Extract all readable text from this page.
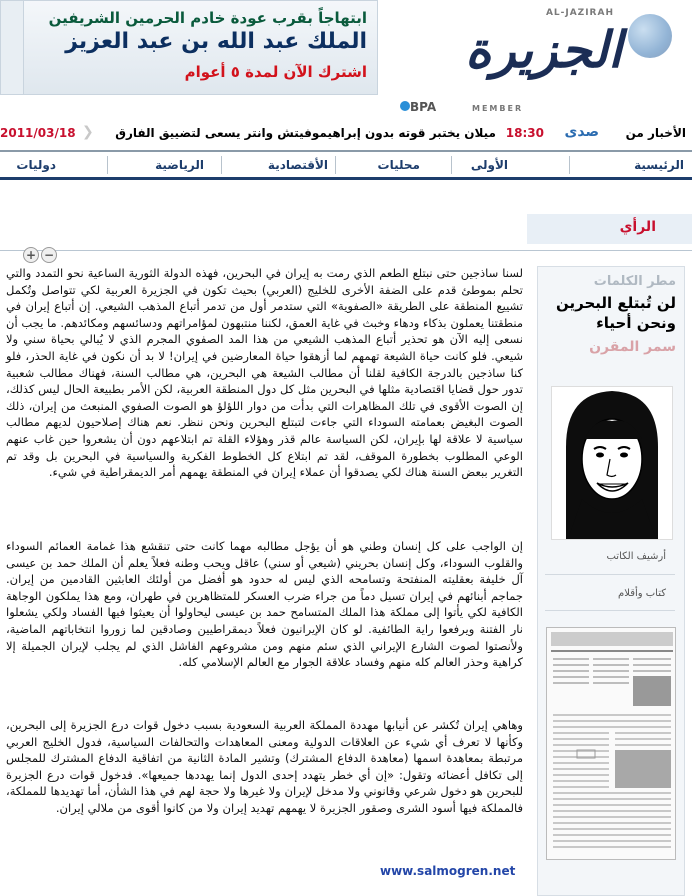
ابتهاجاً بقرب عودة خادم الحرمين الشريفين
الملك عبد الله بن عبد العزيز
اشترك الآن لمدة ٥ أعوام
AL-JAZIRAH
الجزيرة
BPA	MEMBER
الأخبار من
صدى
18:30
ميلان يختبر قوته بدون إبراهيموفيتش وانتر يسعى لتضييق الفارق
❮
2011/03/18
الرئيسية
الأولى
محليات
الأقتصادية
الرياضية
دوليات
الرأي
مطر الكلمات
لن تُبتلع البحرين ونحن أحياء
سمر المقرن
أرشيف الكاتب
كتاب وأقلام
+ −
لسنا ساذجين حتى نبتلع الطعم الذي رمت به إيران في البحرين، فهذه الدولة الثورية الساعية نحو التمدد والتي تحلم بموطئ قدم على الضفة الأخرى للخليج (العربي) بحيث تكون في الجزيرة العربية لكي تتواصل وتُكمل تشييع المنطقة على الطريقة «الصفوية» التي ستدمر أول من تدمر أتباع المذهب الشيعي. إن أتباع إيران في منطقتنا يعملون بذكاء ودهاء وخبث في غاية العمق، لكننا منتبهون لمؤامراتهم ودسائسهم ومكائدهم. ما يجب أن نسعى إليه الآن هو تحذير أتباع المذهب الشيعي من هذا المد الصفوي المجرم الذي لا يُبالي بحياة سني ولا شيعي. فلو كانت حياة الشيعة تهمهم لما أزهقوا حياة المعارضين في إيران! لا بد أن نكون في غاية الحذر، فلو كنا ساذجين بالدرجة الكافية لقلنا أن مطالب الشيعة هي البحرين، هي مطالب السنة، فهناك مطالب شعبية تدور حول قضايا اقتصادية مثلها في البحرين مثل كل دول المنطقة العربية، لكن الأمر بطبيعة الحال ليس كذلك، إن الصوت الأقوى في تلك المظاهرات التي بدأت من دوار اللؤلؤ هو الصوت الصفوي المنبعث من إيران، ذلك الصوت البغيض بعمامته السوداء التي جاءت لتبتلع البحرين ونحن ننظر. نعم هناك إصلاحيون لديهم مطالب سياسية لا علاقة لها بإيران، لكن السياسة عالم قذر وهؤلاء القلة تم ابتلاعهم دون أن يشعروا حين غاب عنهم الوعي المطلوب بخطورة الموقف، لقد تم ابتلاع كل الخطوط الفكرية والسياسية في البحرين بل وقد تم التغرير ببعض السنة هناك لكي يصدقوا أن عملاء إيران في المنطقة يهمهم أمر الديمقراطية في شيء.
إن الواجب على كل إنسان وطني هو أن يؤجل مطالبه مهما كانت حتى تنقشع هذا غمامة العمائم السوداء والقلوب السوداء، وكل إنسان بحريني (شيعي أو سني) عاقل ويحب وطنه فعلاً يعلم أن الملك حمد بن عيسى آل خليفة بعقليته المنفتحة وتسامحه الذي ليس له حدود هو أفضل من أولئك العابثين القادمين من إيران. جماجم أبنائهم في إيران تسيل دماً من جراء ضرب العسكر للمتظاهرين في طهران، ومع هذا يملكون الوجاهة الكافية لكي يأتوا إلى مملكة هذا الملك المتسامح حمد بن عيسى ليحاولوا أن يعيثوا فيها الفساد ولكي يشعلوا نار الفتنة ويرفعوا راية الطائفية. لو كان الإيرانيون فعلاً ديمقراطيين وصادقين لما زوروا انتخاباتهم الماضية، ولأنصتوا لصوت الشارع الإيراني الذي سئم منهم ومن مشروعهم الفاشل الذي لم يجلب لإيران الجميلة إلا كراهية وحذر العالم كله منهم وفساد علاقة الجوار مع العالم الإسلامي كله.
وهاهي إيران تُكشر عن أنيابها مهددة المملكة العربية السعودية بسبب دخول قوات درع الجزيرة إلى البحرين، وكأنها لا تعرف أي شيء عن العلاقات الدولية ومعنى المعاهدات والتحالفات السياسية، فدول الخليج العربي مرتبطة بمعاهدة اسمها (معاهدة الدفاع المشترك) وتشير المادة الثانية من اتفاقية الدفاع المشترك للمجلس إلى تكافل أعضائه وتقول: «إن أي خطر يتهدد إحدى الدول إنما يهددها جميعها». فدخول قوات درع الجزيرة للبحرين هو دخول شرعي وقانوني ولا مدخل لإيران ولا غيرها ولا حجة لهم في هذا الشأن، أما تهديدها للمملكة، فالمملكة فيها أسود الشرى وصقور الجزيرة لا يهمهم تهديد إيران ولا من كانوا أقوى من ملالي إيران.
www.salmogren.net
